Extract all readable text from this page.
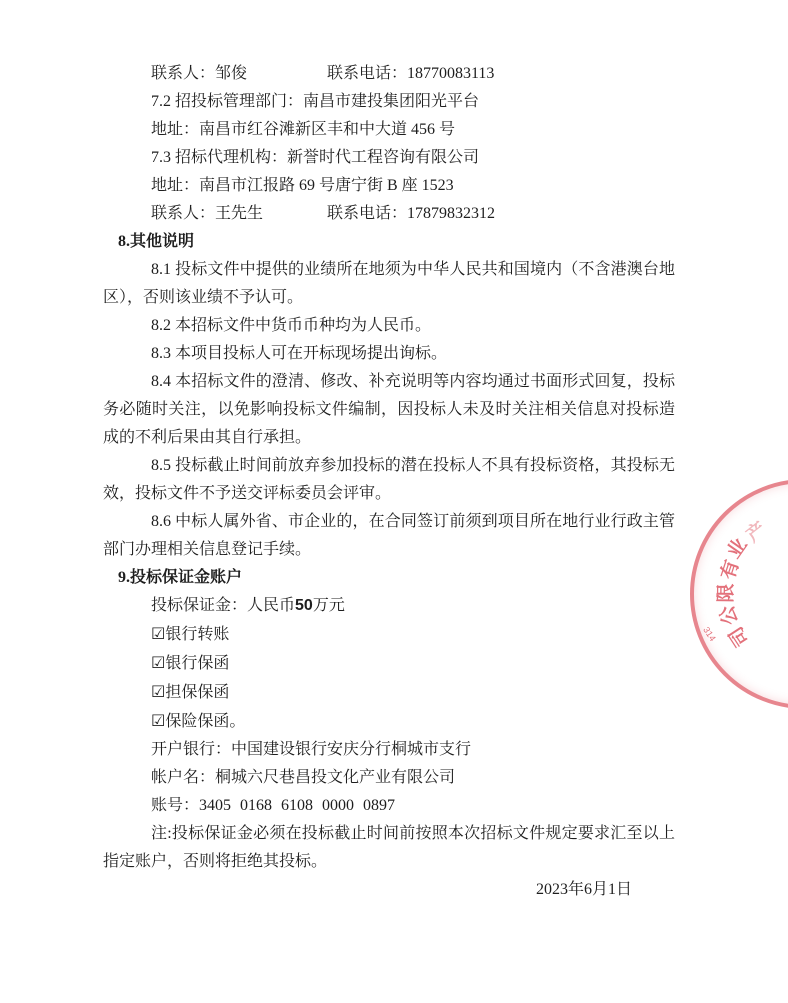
联系人：邹俊	联系电话：18770083113

7.2 招投标管理部门：南昌市建投集团阳光平台

地址：南昌市红谷滩新区丰和中大道 456 号

7.3 招标代理机构：新誉时代工程咨询有限公司

地址：南昌市江报路 69 号唐宁街 B 座 1523

联系人：王先生	联系电话：17879832312

8.其他说明

8.1 投标文件中提供的业绩所在地须为中华人民共和国境内（不含港澳台地区），否则该业绩不予认可。

8.2 本招标文件中货币币种均为人民币。

8.3 本项目投标人可在开标现场提出询标。

8.4 本招标文件的澄清、修改、补充说明等内容均通过书面形式回复，投标务必随时关注，以免影响投标文件编制，因投标人未及时关注相关信息对投标造成的不利后果由其自行承担。

8.5 投标截止时间前放弃参加投标的潜在投标人不具有投标资格，其投标无效，投标文件不予送交评标委员会评审。

8.6 中标人属外省、市企业的，在合同签订前须到项目所在地行业行政主管部门办理相关信息登记手续。

9.投标保证金账户

投标保证金：人民币50万元

☑银行转账

☑银行保函

☑担保保函

☑保险保函。

开户银行：中国建设银行安庆分行桐城市支行

帐户名：桐城六尺巷昌投文化产业有限公司

账号：3405 0168 6108 0000 0897

注:投标保证金必须在投标截止时间前按照本次招标文件规定要求汇至以上指定账户，否则将拒绝其投标。

2023年6月1日

产
业
有
限
公
司
314
